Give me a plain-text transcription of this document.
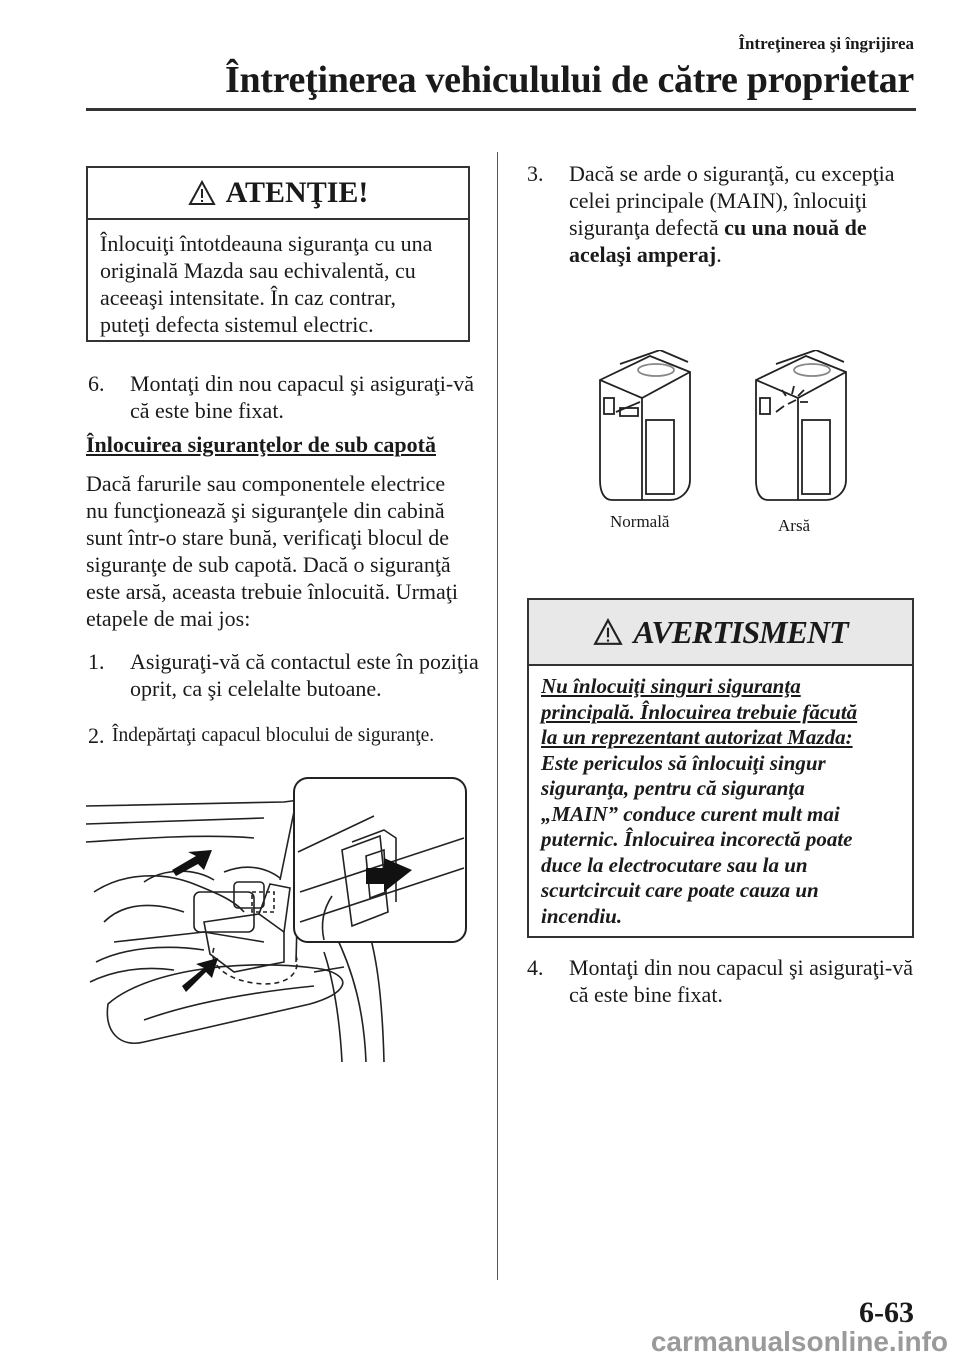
Întreţinerea şi îngrijirea
Întreţinerea vehiculului de către proprietar
ATENŢIE!
Înlocuiţi întotdeauna siguranţa cu una
originală Mazda sau echivalentă, cu
aceeaşi intensitate. În caz contrar,
puteţi defecta sistemul electric.
6. Montaţi din nou capacul şi asiguraţi-vă
că este bine fixat.
Înlocuirea siguranţelor de sub capotă
Dacă farurile sau componentele electrice
nu funcţionează şi siguranţele din cabină
sunt într-o stare bună, verificaţi blocul de
siguranţe de sub capotă. Dacă o siguranţă
este arsă, aceasta trebuie înlocuită. Urmaţi
etapele de mai jos:
1. Asiguraţi-vă că contactul este în poziţia
oprit, ca şi celelalte butoane.
2. Îndepărtaţi capacul blocului de siguranţe.
3. Dacă se arde o siguranţă, cu excepţia
celei principale (MAIN), înlocuiţi
siguranţa defectă cu una nouă de
acelaşi amperaj.
Normală	Arsă
AVERTISMENT
Nu înlocuiţi singuri siguranţa
principală. Înlocuirea trebuie făcută
la un reprezentant autorizat Mazda:
Este periculos să înlocuiţi singur
siguranţa, pentru că siguranţa
„MAIN” conduce curent mult mai
puternic. Înlocuirea incorectă poate
duce la electrocutare sau la un
scurtcircuit care poate cauza un
incendiu.
4. Montaţi din nou capacul şi asiguraţi-vă
că este bine fixat.
6-63
carmanualsonline.info
